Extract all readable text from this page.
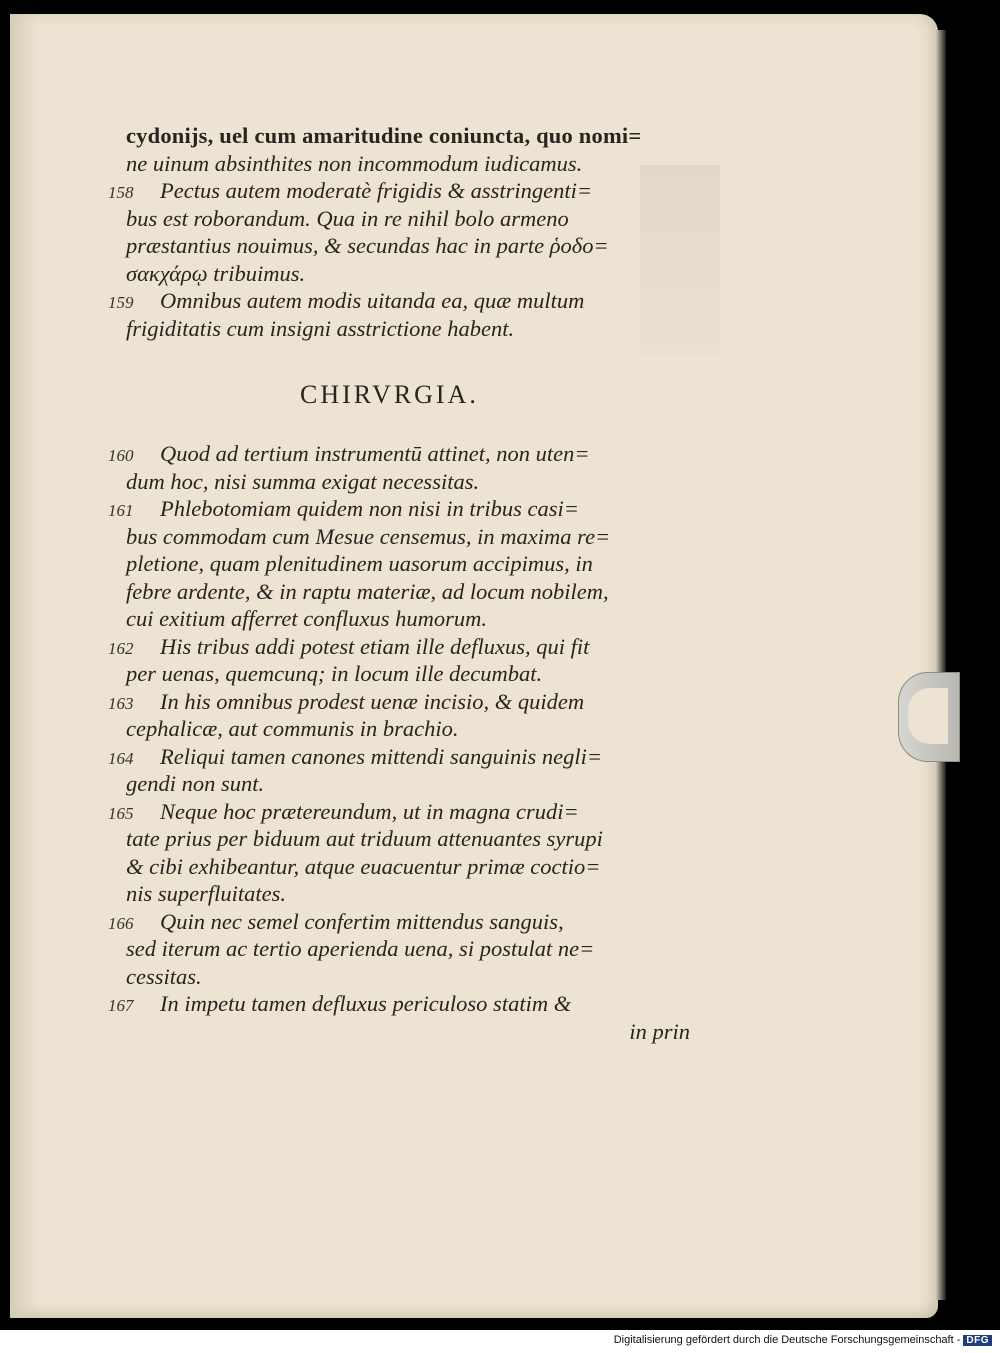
cydonijs, uel cum amaritudine coniuncta, quo nomi=
ne uinum absinthites non incommodum iudicamus.
158 Pectus autem moderatè frigidis & asstringenti=
bus est roborandum. Qua in re nihil bolo armeno
præstantius nouimus, & secundas hac in parte ῥοδο=
σακχάρῳ tribuimus.
159 Omnibus autem modis uitanda ea, quæ multum
frigiditatis cum insigni asstrictione habent.
CHIRVRGIA.
160 Quod ad tertium instrumentū attinet, non uten=
dum hoc, nisi summa exigat necessitas.
161 Phlebotomiam quidem non nisi in tribus casi=
bus commodam cum Mesue censemus, in maxima re=
pletione, quam plenitudinem uasorum accipimus, in
febre ardente, & in raptu materiæ, ad locum nobilem,
cui exitium afferret confluxus humorum.
162 His tribus addi potest etiam ille defluxus, qui fit
per uenas, quemcunq; in locum ille decumbat.
163 In his omnibus prodest uenæ incisio, & quidem
cephalicæ, aut communis in brachio.
164 Reliqui tamen canones mittendi sanguinis negli=
gendi non sunt.
165 Neque hoc prætereundum, ut in magna crudi=
tate prius per biduum aut triduum attenuantes syrupi
& cibi exhibeantur, atque euacuentur primæ coctio=
nis superfluitates.
166 Quin nec semel confertim mittendus sanguis,
sed iterum ac tertio aperienda uena, si postulat ne=
cessitas.
167 In impetu tamen defluxus periculoso statim &
in prin
Digitalisierung gefördert durch die Deutsche Forschungsgemeinschaft - DFG
